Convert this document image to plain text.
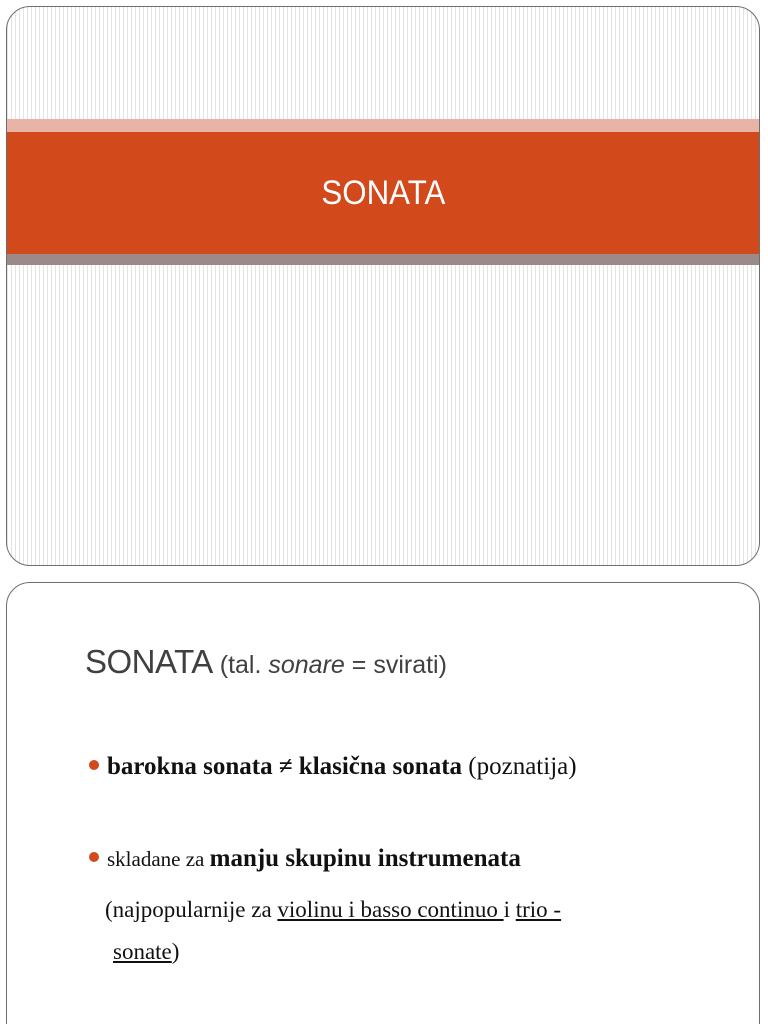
SONATA
SONATA (tal. sonare = svirati)
barokna sonata ≠ klasična sonata (poznatija)
skladane za manju skupinu instrumenata
(najpopularnije za violinu i basso continuo i trio -
sonate)
